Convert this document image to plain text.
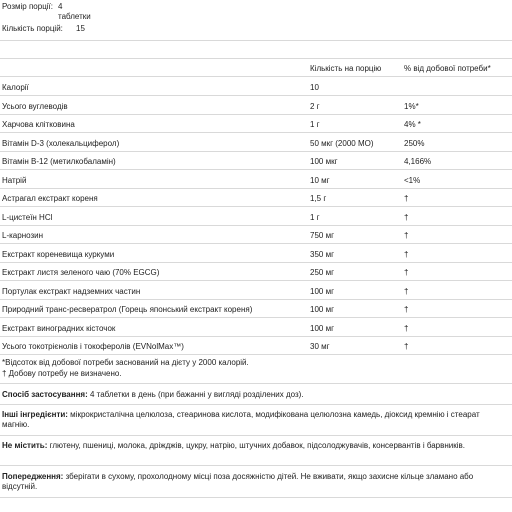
Розмір порції: 4 таблетки
Кількість порцій: 15
Кількість на порцію	% від добової потреби*
Калорії	10
Усього вуглеводів	2 г	1%*
Харчова клітковина	1 г	4% *
Вітамін D-3 (холекальциферол)	50 мкг (2000 МО)	250%
Вітамін B-12 (метилкобаламін)	100 мкг	4,166%
Натрій	10 мг	<1%
Астрагал екстракт кореня	1,5 г	†
L-цистеїн HCl	1 г	†
L-карнозин	750 мг	†
Екстракт кореневища куркуми	350 мг	†
Екстракт листя зеленого чаю (70% EGCG)	250 мг	†
Портулак екстракт надземних частин	100 мг	†
Природний транс-ресвератрол (Горець японський екстракт кореня)	100 мг	†
Екстракт виноградних кісточок	100 мг	†
Усього токотрієнолів і токоферолів (EVNolMax™)	30 мг	†
*Відсоток від добової потреби заснований на дієту у 2000 калорій.
† Добову потребу не визначено.
Спосіб застосування: 4 таблетки в день (при бажанні у вигляді розділених доз).
Інші інгредієнти: мікрокристалічна целюлоза, стеаринова кислота, модифікована целюлозна камедь, діоксид кремнію і стеарат магнію.
Не містить: глютену, пшениці, молока, дріжджів, цукру, натрію, штучних добавок, підсолоджувачів, консервантів і барвників.
Попередження: зберігати в сухому, прохолодному місці поза досяжністю дітей. Не вживати, якщо захисне кільце зламано або відсутній.
